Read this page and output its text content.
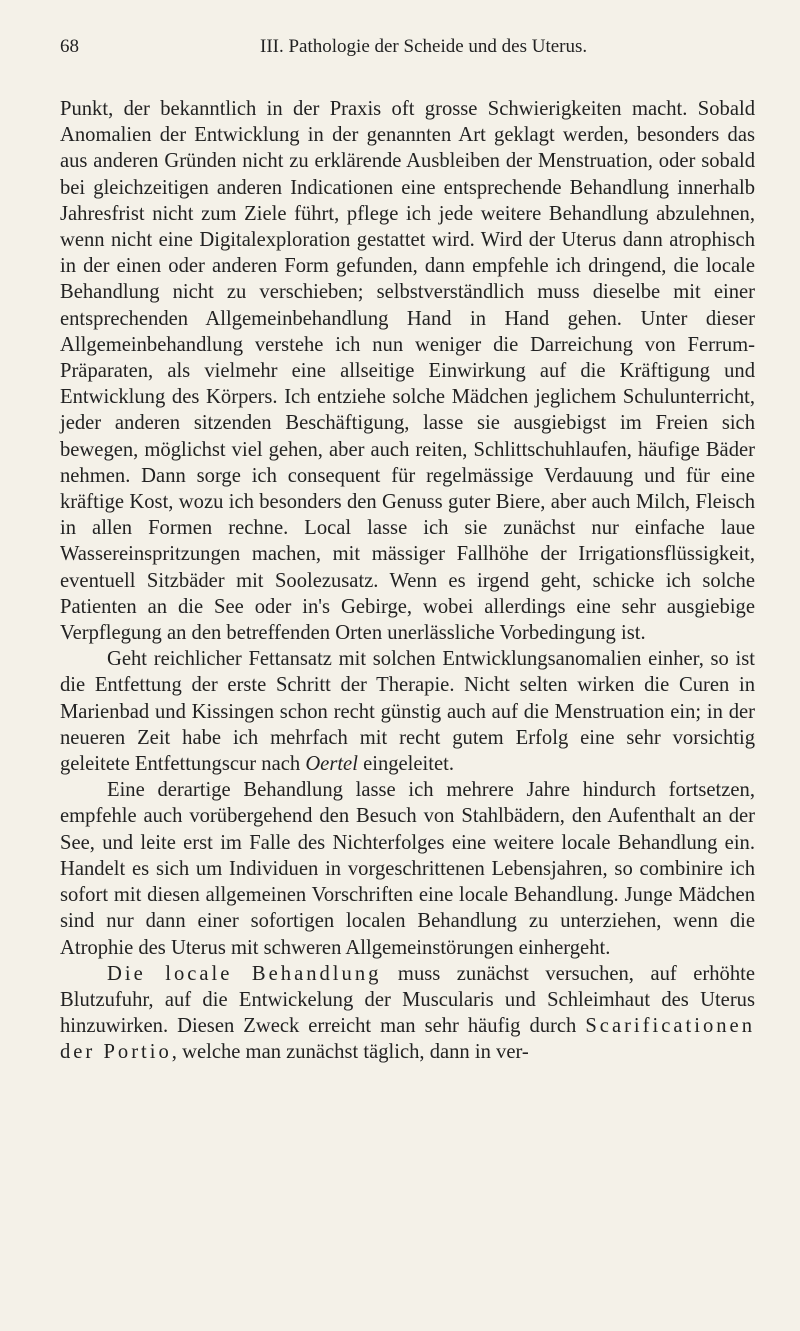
68	III. Pathologie der Scheide und des Uterus.

Punkt, der bekanntlich in der Praxis oft grosse Schwierigkeiten macht. Sobald Anomalien der Entwicklung in der genannten Art geklagt werden, besonders das aus anderen Gründen nicht zu erklärende Ausbleiben der Menstruation, oder sobald bei gleichzeitigen anderen Indicationen eine entsprechende Behandlung innerhalb Jahresfrist nicht zum Ziele führt, pflege ich jede weitere Behandlung abzulehnen, wenn nicht eine Digitalexploration gestattet wird. Wird der Uterus dann atrophisch in der einen oder anderen Form gefunden, dann empfehle ich dringend, die locale Behandlung nicht zu verschieben; selbstverständlich muss dieselbe mit einer entsprechenden Allgemeinbehandlung Hand in Hand gehen. Unter dieser Allgemeinbehandlung verstehe ich nun weniger die Darreichung von Ferrum-Präparaten, als vielmehr eine allseitige Einwirkung auf die Kräftigung und Entwicklung des Körpers. Ich entziehe solche Mädchen jeglichem Schulunterricht, jeder anderen sitzenden Beschäftigung, lasse sie ausgiebigst im Freien sich bewegen, möglichst viel gehen, aber auch reiten, Schlittschuhlaufen, häufige Bäder nehmen. Dann sorge ich consequent für regelmässige Verdauung und für eine kräftige Kost, wozu ich besonders den Genuss guter Biere, aber auch Milch, Fleisch in allen Formen rechne. Local lasse ich sie zunächst nur einfache laue Wassereinspritzungen machen, mit mässiger Fallhöhe der Irrigationsflüssigkeit, eventuell Sitzbäder mit Soolezusatz. Wenn es irgend geht, schicke ich solche Patienten an die See oder in's Gebirge, wobei allerdings eine sehr ausgiebige Verpflegung an den betreffenden Orten unerlässliche Vorbedingung ist.

Geht reichlicher Fettansatz mit solchen Entwicklungsanomalien einher, so ist die Entfettung der erste Schritt der Therapie. Nicht selten wirken die Curen in Marienbad und Kissingen schon recht günstig auch auf die Menstruation ein; in der neueren Zeit habe ich mehrfach mit recht gutem Erfolg eine sehr vorsichtig geleitete Entfettungscur nach Oertel eingeleitet.

Eine derartige Behandlung lasse ich mehrere Jahre hindurch fortsetzen, empfehle auch vorübergehend den Besuch von Stahlbädern, den Aufenthalt an der See, und leite erst im Falle des Nichterfolges eine weitere locale Behandlung ein. Handelt es sich um Individuen in vorgeschrittenen Lebensjahren, so combinire ich sofort mit diesen allgemeinen Vorschriften eine locale Behandlung. Junge Mädchen sind nur dann einer sofortigen localen Behandlung zu unterziehen, wenn die Atrophie des Uterus mit schweren Allgemeinstörungen einhergeht.

Die locale Behandlung muss zunächst versuchen, auf erhöhte Blutzufuhr, auf die Entwickelung der Muscularis und Schleimhaut des Uterus hinzuwirken. Diesen Zweck erreicht man sehr häufig durch Scarificationen der Portio, welche man zunächst täglich, dann in ver-
